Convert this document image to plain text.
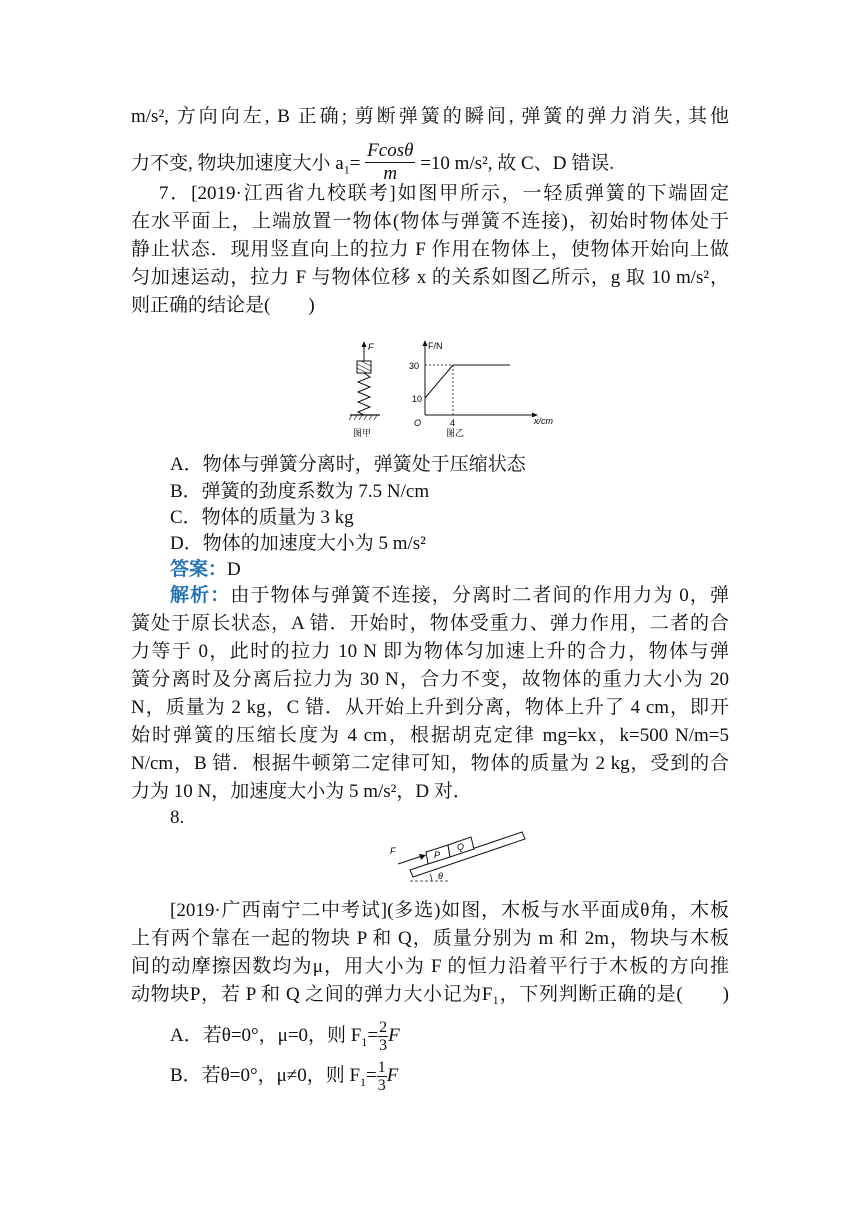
m/s², 方向向左, B 正确; 剪断弹簧的瞬间, 弹簧的弹力消失, 其他
力不变, 物块加速度大小 $a_1= \frac{Fcos\theta}{m} =10$ m/s², 故 C、D 错误.
7．[2019·江西省九校联考]如图甲所示，一轻质弹簧的下端固定
在水平面上，上端放置一物体(物体与弹簧不连接)，初始时物体处于
静止状态．现用竖直向上的拉力 F 作用在物体上，使物体开始向上做
匀加速运动，拉力 F 与物体位移 x 的关系如图乙所示，g 取 10 m/s²，
则正确的结论是(　　)
F
图甲
F/N
x/cm
O
30
10
4
图乙
A．物体与弹簧分离时，弹簧处于压缩状态
B．弹簧的劲度系数为 7.5 N/cm
C．物体的质量为 3 kg
D．物体的加速度大小为 5 m/s²
答案：D
解析：由于物体与弹簧不连接，分离时二者间的作用力为 0，弹
簧处于原长状态，A 错．开始时，物体受重力、弹力作用，二者的合
力等于 0，此时的拉力 10 N 即为物体匀加速上升的合力，物体与弹
簧分离时及分离后拉力为 30 N，合力不变，故物体的重力大小为 20
N，质量为 2 kg，C 错．从开始上升到分离，物体上升了 4 cm，即开
始时弹簧的压缩长度为 4 cm，根据胡克定律 mg=kx，k=500 N/m=5
N/cm，B 错．根据牛顿第二定律可知，物体的质量为 2 kg，受到的合
力为 10 N，加速度大小为 5 m/s²，D 对．
8.
θ
P
Q
F
[2019·广西南宁二中考试](多选)如图，木板与水平面成θ角，木板
上有两个靠在一起的物块 P 和 Q，质量分别为 m 和 2m，物块与木板
间的动摩擦因数均为μ，用大小为 F 的恒力沿着平行于木板的方向推
动物块P，若 P 和 Q 之间的弹力大小记为F₁，下列判断正确的是(　　)
A．若θ=0°，μ=0，则 $F_1= \frac{2}{3}$ F
B．若θ=0°，μ≠0，则 $F_1= \frac{1}{3}$ F
